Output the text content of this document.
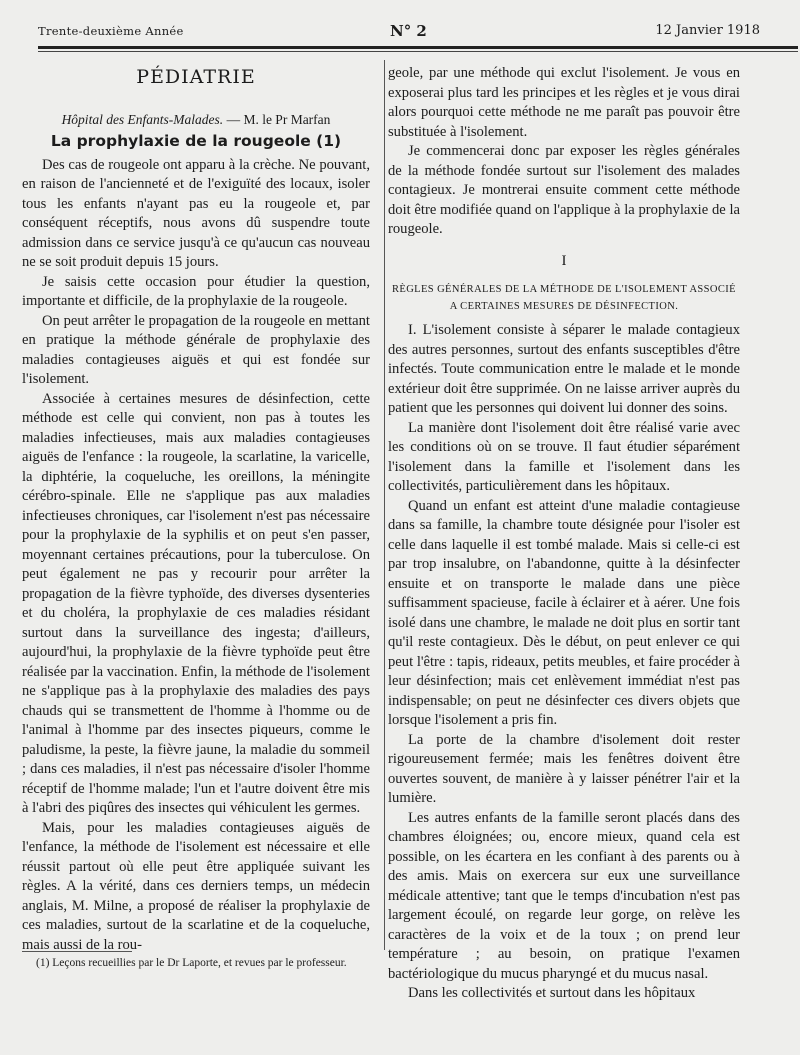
Trente-deuxième Année	N° 2	12 Janvier 1918
PÉDIATRIE
Hôpital des Enfants-Malades. — M. le Pr Marfan
La prophylaxie de la rougeole (1)

Des cas de rougeole ont apparu à la crèche. Ne pouvant, en raison de l'ancienneté et de l'exiguïté des locaux, isoler tous les enfants n'ayant pas eu la rougeole et, par conséquent réceptifs, nous avons dû suspendre toute admission dans ce service jusqu'à ce qu'aucun cas nouveau ne se soit produit depuis 15 jours.

Je saisis cette occasion pour étudier la question, importante et difficile, de la prophylaxie de la rougeole.

On peut arrêter le propagation de la rougeole en mettant en pratique la méthode générale de prophylaxie des maladies contagieuses aiguës et qui est fondée sur l'isolement.

Associée à certaines mesures de désinfection, cette méthode est celle qui convient, non pas à toutes les maladies infectieuses, mais aux maladies contagieuses aiguës de l'enfance : la rougeole, la scarlatine, la varicelle, la diphtérie, la coqueluche, les oreillons, la méningite cérébro-spinale. Elle ne s'applique pas aux maladies infectieuses chroniques, car l'isolement n'est pas nécessaire pour la prophylaxie de la syphilis et on peut s'en passer, moyennant certaines précautions, pour la tuberculose. On peut également ne pas y recourir pour arrêter la propagation de la fièvre typhoïde, des diverses dysenteries et du choléra, la prophylaxie de ces maladies résidant surtout dans la surveillance des ingesta; d'ailleurs, aujourd'hui, la prophylaxie de la fièvre typhoïde peut être réalisée par la vaccination. Enfin, la méthode de l'isolement ne s'applique pas à la prophylaxie des maladies des pays chauds qui se transmettent de l'homme à l'homme ou de l'animal à l'homme par des insectes piqueurs, comme le paludisme, la peste, la fièvre jaune, la maladie du sommeil ; dans ces maladies, il n'est pas nécessaire d'isoler l'homme réceptif de l'homme malade; l'un et l'autre doivent être mis à l'abri des piqûres des insectes qui véhiculent les germes.

Mais, pour les maladies contagieuses aiguës de l'enfance, la méthode de l'isolement est nécessaire et elle réussit partout où elle peut être appliquée suivant les règles. A la vérité, dans ces derniers temps, un médecin anglais, M. Milne, a proposé de réaliser la prophylaxie de ces maladies, surtout de la scarlatine et de la coqueluche, mais aussi de la rou-

(1) Leçons recueillies par le Dr Laporte, et revues par le professeur.

geole, par une méthode qui exclut l'isolement. Je vous en exposerai plus tard les principes et les règles et je vous dirai alors pourquoi cette méthode ne me paraît pas pouvoir être substituée à l'isolement.

Je commencerai donc par exposer les règles générales de la méthode fondée surtout sur l'isolement des malades contagieux. Je montrerai ensuite comment cette méthode doit être modifiée quand on l'applique à la prophylaxie de la rougeole.

I
RÈGLES GÉNÉRALES DE LA MÉTHODE DE L'ISOLEMENT ASSOCIÉ A CERTAINES MESURES DE DÉSINFECTION.

I. L'isolement consiste à séparer le malade contagieux des autres personnes, surtout des enfants susceptibles d'être infectés. Toute communication entre le malade et le monde extérieur doit être supprimée. On ne laisse arriver auprès du patient que les personnes qui doivent lui donner des soins.

La manière dont l'isolement doit être réalisé varie avec les conditions où on se trouve. Il faut étudier séparément l'isolement dans la famille et l'isolement dans les collectivités, particulièrement dans les hôpitaux.

Quand un enfant est atteint d'une maladie contagieuse dans sa famille, la chambre toute désignée pour l'isoler est celle dans laquelle il est tombé malade. Mais si celle-ci est par trop insalubre, on l'abandonne, quitte à la désinfecter ensuite et on transporte le malade dans une pièce suffisamment spacieuse, facile à éclairer et à aérer. Une fois isolé dans une chambre, le malade ne doit plus en sortir tant qu'il reste contagieux. Dès le début, on peut enlever ce qui peut l'être : tapis, rideaux, petits meubles, et faire procéder à leur désinfection; mais cet enlèvement immédiat n'est pas indispensable; on peut ne désinfecter ces divers objets que lorsque l'isolement a pris fin.

La porte de la chambre d'isolement doit rester rigoureusement fermée; mais les fenêtres doivent être ouvertes souvent, de manière à y laisser pénétrer l'air et la lumière.

Les autres enfants de la famille seront placés dans des chambres éloignées; ou, encore mieux, quand cela est possible, on les écartera en les confiant à des parents ou à des amis. Mais on exercera sur eux une surveillance médicale attentive; tant que le temps d'incubation n'est pas largement écoulé, on regarde leur gorge, on relève les caractères de la voix et de la toux ; on prend leur température ; au besoin, on pratique l'examen bactériologique du mucus pharyngé et du mucus nasal.

Dans les collectivités et surtout dans les hôpitaux
